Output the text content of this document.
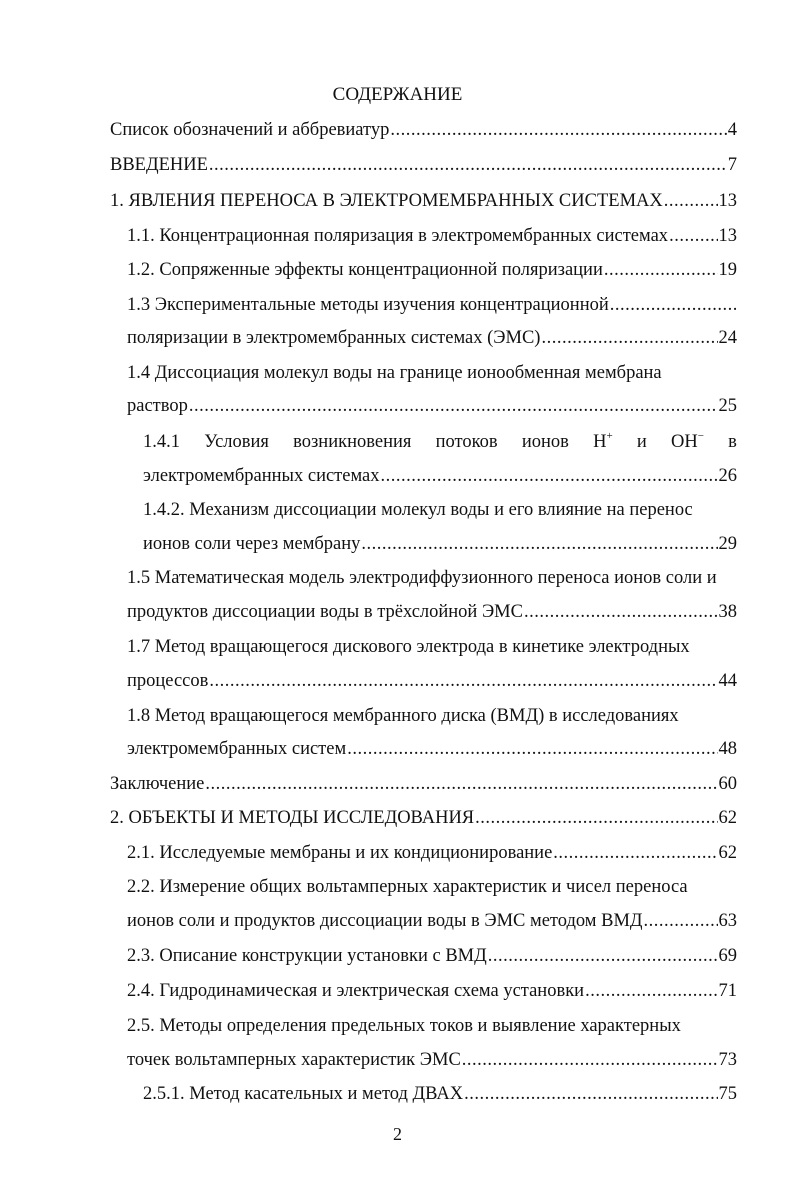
СОДЕРЖАНИЕ
Список обозначений и аббревиатур .....	4
ВВЕДЕНИЕ .....	7
1. ЯВЛЕНИЯ ПЕРЕНОСА В ЭЛЕКТРОМЕМБРАННЫХ СИСТЕМАХ .....	13
1.1. Концентрационная поляризация в электромембранных системах .....	13
1.2. Сопряженные эффекты концентрационной поляризации .....	19
1.3 Экспериментальные методы изучения концентрационной
.....
поляризации в электромембранных системах (ЭМС) .....	24
1.4 Диссоциация молекул воды на границе ионообменная мембрана
раствор .....	25
1.4.1 Условия возникновения потоков ионов H+ и OH− в
электромембранных системах .....	26
1.4.2. Механизм диссоциации молекул воды и его влияние на перенос
ионов соли через мембрану .....	29
1.5 Математическая модель электродиффузионного переноса ионов соли и
продуктов диссоциации воды в трёхслойной ЭМС .....	38
1.7 Метод вращающегося дискового электрода в кинетике электродных
процессов .....	44
1.8 Метод вращающегося мембранного диска (ВМД) в исследованиях
электромембранных систем .....	48
Заключение .....	60
2. ОБЪЕКТЫ И МЕТОДЫ ИССЛЕДОВАНИЯ .....	62
2.1. Исследуемые мембраны и их кондиционирование .....	62
2.2. Измерение общих вольтамперных характеристик и чисел переноса
ионов соли и продуктов диссоциации воды в ЭМС методом ВМД .....	63
2.3. Описание конструкции установки с ВМД .....	69
2.4. Гидродинамическая и электрическая схема установки .....	71
2.5. Методы определения предельных токов и выявление характерных
точек вольтамперных характеристик ЭМС .....	73
2.5.1. Метод касательных и метод ДВАХ .....	75
2
